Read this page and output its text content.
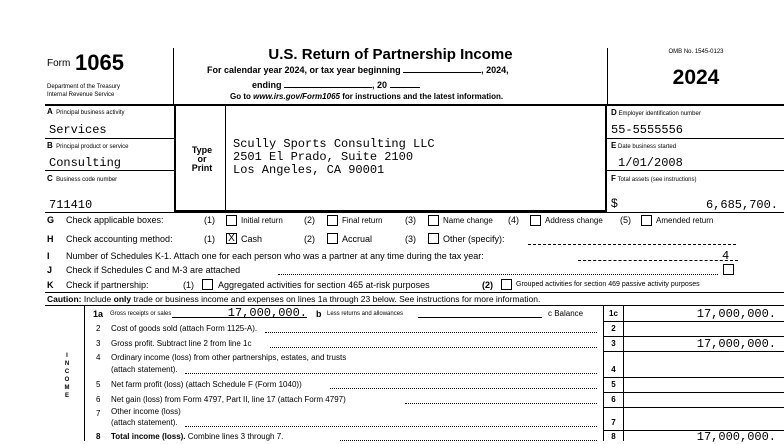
Form 1065
Department of the Treasury
Internal Revenue Service
U.S. Return of Partnership Income
For calendar year 2024, or tax year beginning	, 2024,
ending	, 20
Go to www.irs.gov/Form1065 for instructions and the latest information.
OMB No. 1545-0123
2024
A Principal business activity
Services
B Principal product or service
Consulting
C Business code number
711410
Type
or
Print
Scully Sports Consulting LLC
2501 El Prado, Suite 2100
Los Angeles, CA 90001
D Employer identification number
55-5555556
E Date business started
1/01/2008
F Total assets (see instructions)
$	6,685,700.
G Check applicable boxes:	(1)	Initial return (2)	Final return	(3)	Name change (4)	Address change (5)	Amended return
H Check accounting method:	(1) X Cash	(2)	Accrual	(3)	Other (specify):
I Number of Schedules K-1. Attach one for each person who was a partner at any time during the tax year:	4
J Check if Schedules C and M-3 are attached
K Check if partnership:	(1)	Aggregated activities for section 465 at-risk purposes	(2)	Grouped activities for section 469 passive activity purposes
Caution: Include only trade or business income and expenses on lines 1a through 23 below. See instructions for more information.
I
N
C
O
M
E
1a Gross receipts or sales	17,000,000. b Less returns and allowances	c Balance	1c	17,000,000.
2 Cost of goods sold (attach Form 1125-A).	2
3 Gross profit. Subtract line 2 from line 1c	3	17,000,000.
4 Ordinary income (loss) from other partnerships, estates, and trusts
(attach statement).	4
5 Net farm profit (loss) (attach Schedule F (Form 1040))	5
6 Net gain (loss) from Form 4797, Part II, line 17 (attach Form 4797)	6
7 Other income (loss)
(attach statement).	7
8 Total income (loss). Combine lines 3 through 7.	8	17,000,000.
